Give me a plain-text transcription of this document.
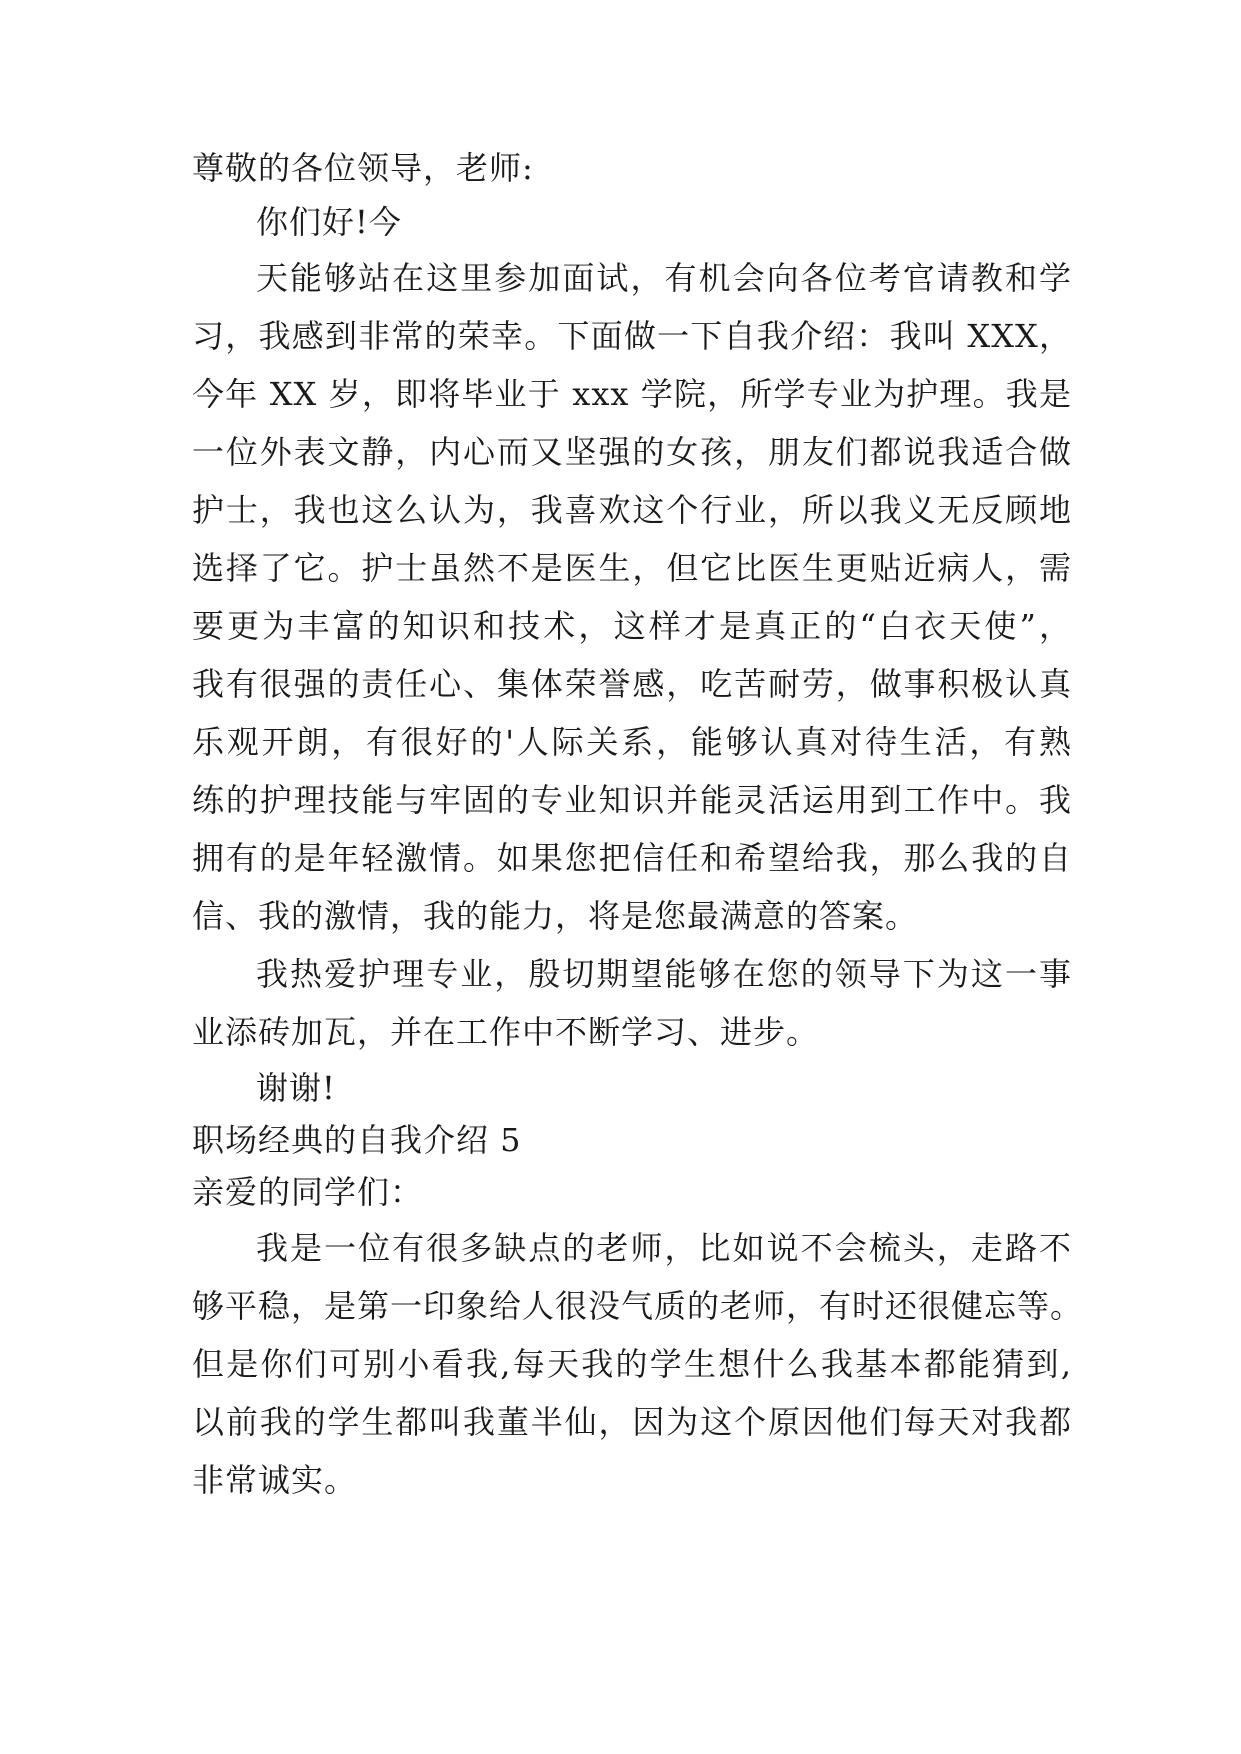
尊敬的各位领导，老师:
你们好!今
天能够站在这里参加面试，有机会向各位考官请教和学
习，我感到非常的荣幸。下面做一下自我介绍：我叫 XXX，
今年 XX 岁，即将毕业于 xxx 学院，所学专业为护理。我是
一位外表文静，内心而又坚强的女孩，朋友们都说我适合做
护士，我也这么认为，我喜欢这个行业，所以我义无反顾地
选择了它。护士虽然不是医生，但它比医生更贴近病人，需
要更为丰富的知识和技术，这样才是真正的“白衣天使”，
我有很强的责任心、集体荣誉感，吃苦耐劳，做事积极认真
乐观开朗，有很好的'人际关系，能够认真对待生活，有熟
练的护理技能与牢固的专业知识并能灵活运用到工作中。我
拥有的是年轻激情。如果您把信任和希望给我，那么我的自
信、我的激情，我的能力，将是您最满意的答案。
我热爱护理专业，殷切期望能够在您的领导下为这一事
业添砖加瓦，并在工作中不断学习、进步。
谢谢!
职场经典的自我介绍 5
亲爱的同学们：
我是一位有很多缺点的老师，比如说不会梳头，走路不
够平稳，是第一印象给人很没气质的老师，有时还很健忘等。
但是你们可别小看我,每天我的学生想什么我基本都能猜到,
以前我的学生都叫我董半仙，因为这个原因他们每天对我都
非常诚实。
